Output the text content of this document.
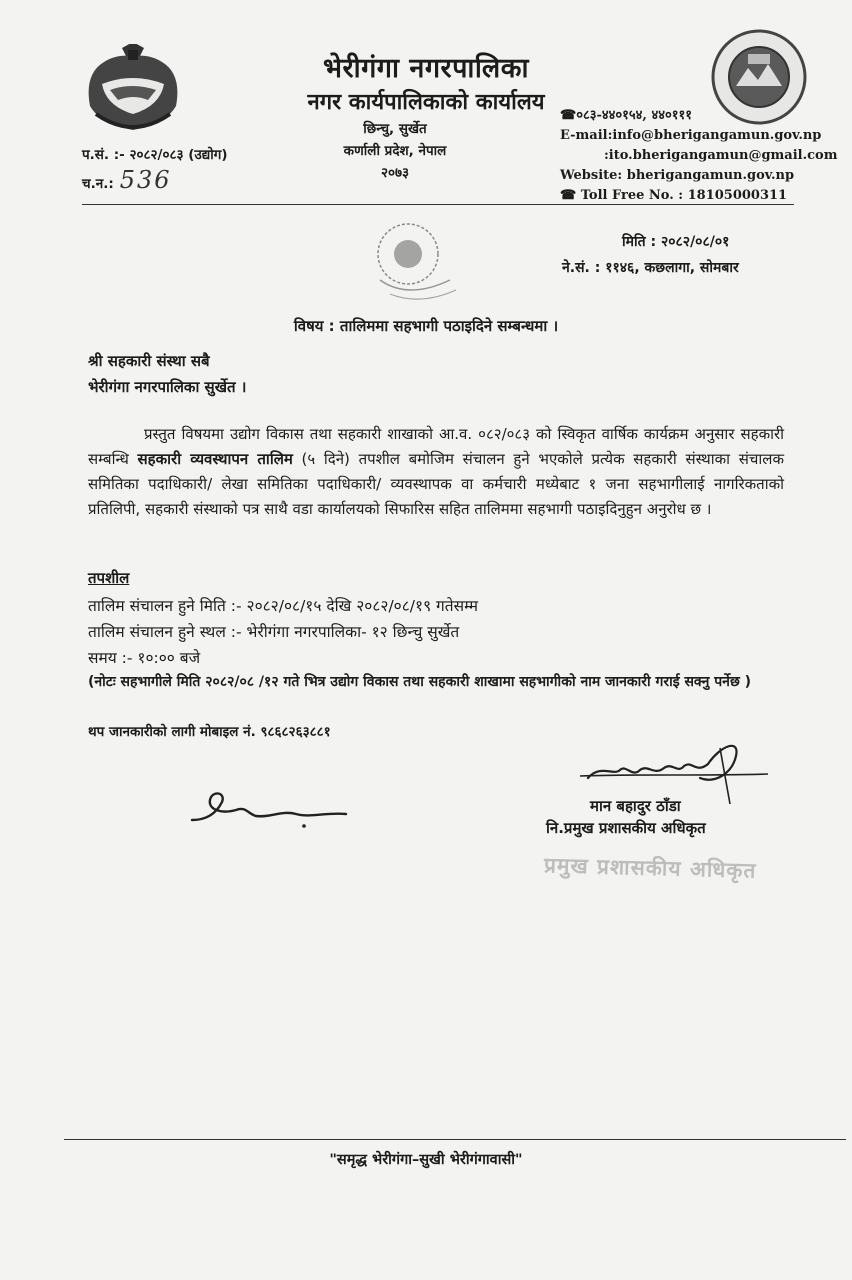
भेरीगंगा नगरपालिका
नगर कार्यपालिकाको कार्यालय
छिन्चु, सुर्खेत
कर्णाली प्रदेश, नेपाल
२०७३
प.सं. :- २०८२/०८३ (उद्योग)
च.न.: 536
☎०८३-४४०१५४, ४४०१११
E-mail:info@bherigangamun.gov.np
:ito.bherigangamun@gmail.com
Website: bherigangamun.gov.np
☎ Toll Free No. : 18105000311
मिति : २०८२/०८/०१
ने.सं. : ११४६, कछलागा, सोमबार
विषय : तालिममा सहभागी पठाइदिने सम्बन्धमा ।
श्री सहकारी संस्था सबै
भेरीगंगा नगरपालिका सुर्खेत ।
प्रस्तुत विषयमा उद्योग विकास तथा सहकारी शाखाको आ.व. ०८२/०८३ को स्विकृत वार्षिक कार्यक्रम अनुसार सहकारी सम्बन्धि सहकारी व्यवस्थापन तालिम (५ दिने) तपशील बमोजिम संचालन हुने भएकोले प्रत्येक सहकारी संस्थाका संचालक समितिका पदाधिकारी/ लेखा समितिका पदाधिकारी/ व्यवस्थापक वा कर्मचारी मध्येबाट १ जना सहभागीलाई नागरिकताको प्रतिलिपी, सहकारी संस्थाको पत्र साथै वडा कार्यालयको सिफारिस सहित तालिममा सहभागी पठाइदिनुहुन अनुरोध छ ।
तपशील
तालिम संचालन हुने मिति :- २०८२/०८/१५ देखि २०८२/०८/१९ गतेसम्म
तालिम संचालन हुने स्थल :- भेरीगंगा नगरपालिका- १२ छिन्चु सुर्खेत
समय :- १०:०० बजे
(नोटः सहभागीले मिति २०८२/०८ /१२ गते भित्र उद्योग विकास तथा सहकारी शाखामा सहभागीको नाम जानकारी गराई सक्नु पर्नेछ )
थप जानकारीको लागी मोबाइल नं. ९८६८२६३८८१
मान बहादुर ठाँडा
नि.प्रमुख प्रशासकीय अधिकृत
प्रमुख प्रशासकीय अधिकृत
"समृद्ध भेरीगंगा–सुखी भेरीगंगावासी"
